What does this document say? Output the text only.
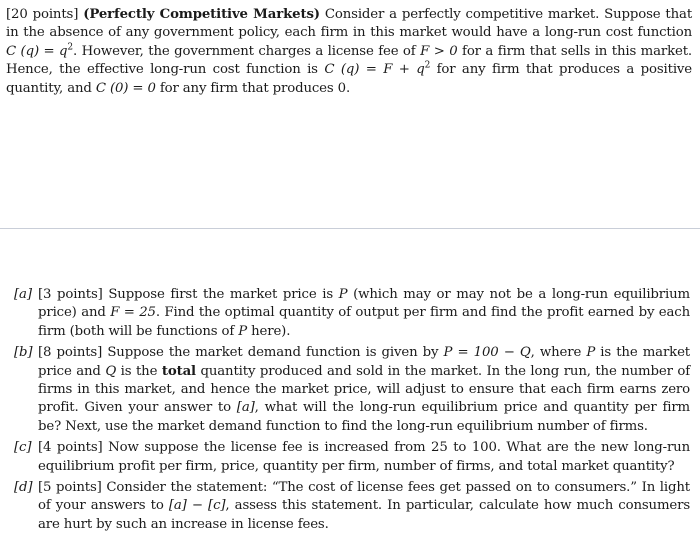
[20 points] (Perfectly Competitive Markets) Consider a perfectly competitive market. Suppose that in the absence of any government policy, each firm in this market would have a long-run cost function C $(q) = q^2$. However, the government charges a license fee of F > 0 for a firm that sells in this market. Hence, the effective long-run cost function is C $(q) = F + q^2$ for any firm that produces a positive quantity, and C (0) = 0 for any firm that produces 0.
[a] [3 points] Suppose first the market price is P (which may or may not be a long-run equilibrium price) and F = 25. Find the optimal quantity of output per firm and find the profit earned by each firm (both will be functions of P here).
[b] [8 points] Suppose the market demand function is given by P = 100 − Q, where P is the market price and Q is the total quantity produced and sold in the market. In the long run, the number of firms in this market, and hence the market price, will adjust to ensure that each firm earns zero profit. Given your answer to [a], what will the long-run equilibrium price and quantity per firm be? Next, use the market demand function to find the long-run equilibrium number of firms.
[c] [4 points] Now suppose the license fee is increased from 25 to 100. What are the new long-run equilibrium profit per firm, price, quantity per firm, number of firms, and total market quantity?
[d] [5 points] Consider the statement: “The cost of license fees get passed on to consumers.” In light of your answers to [a] − [c], assess this statement. In particular, calculate how much consumers are hurt by such an increase in license fees.
